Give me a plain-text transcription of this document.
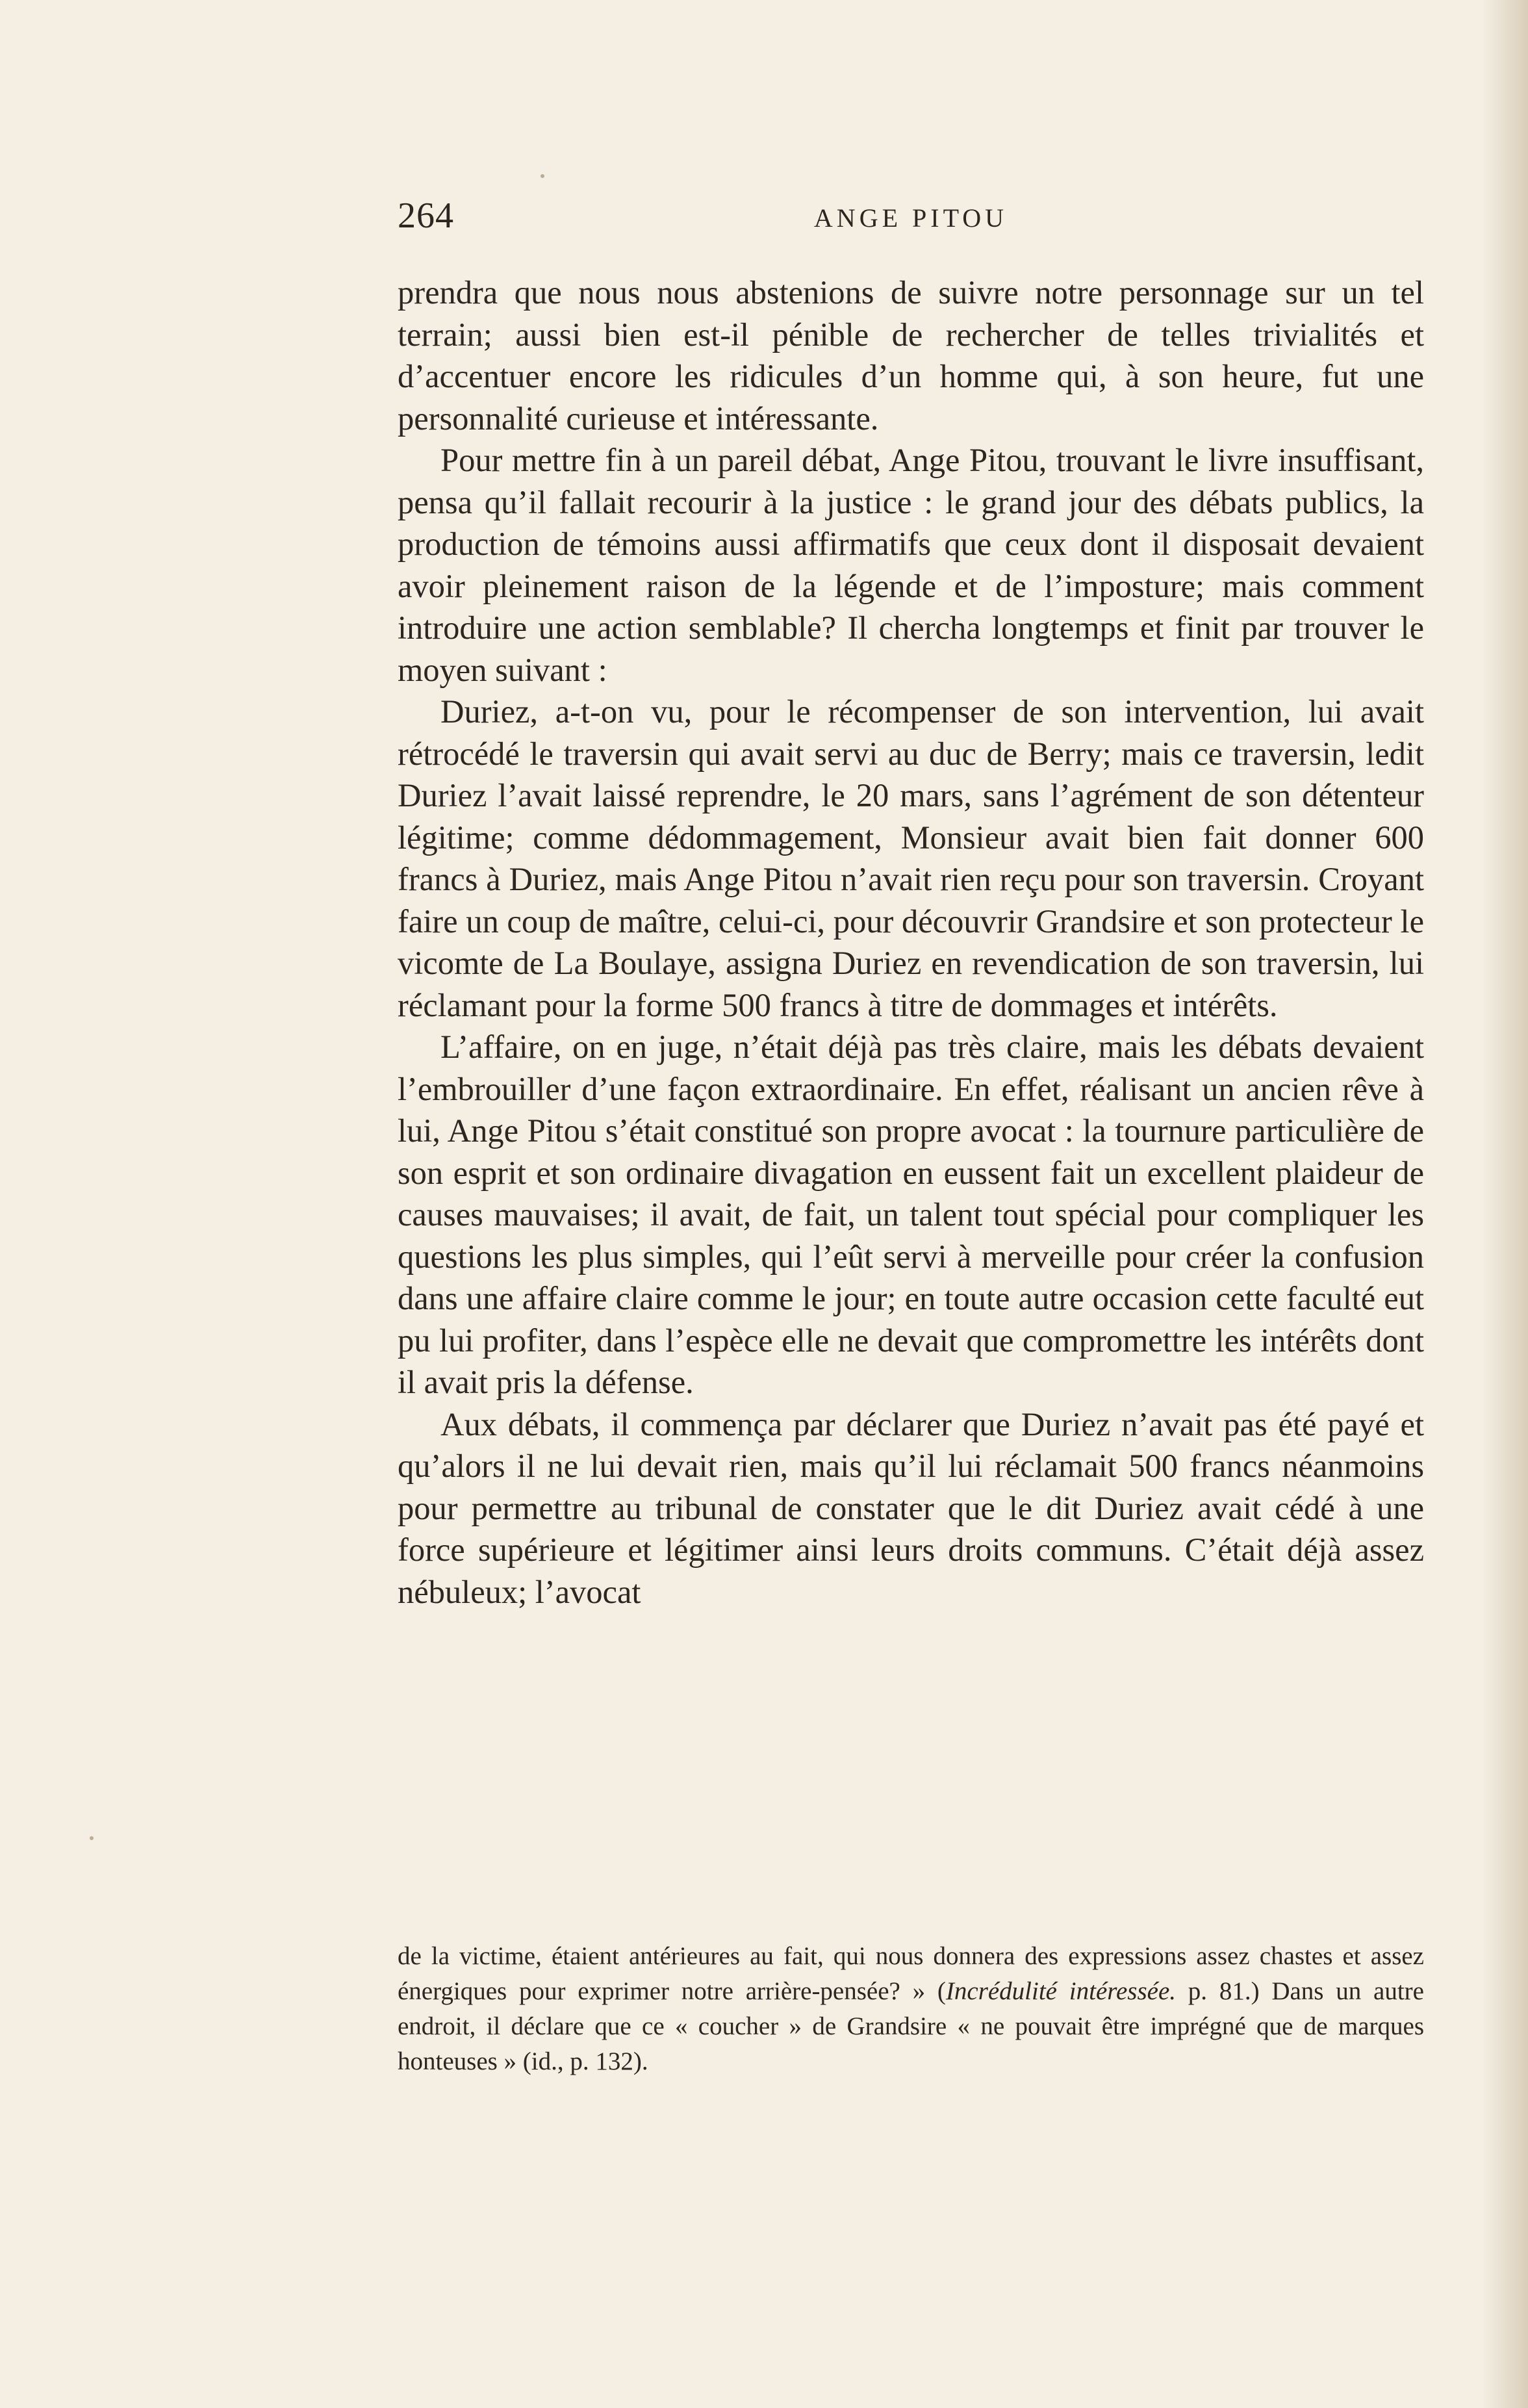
264	ANGE PITOU

prendra que nous nous abstenions de suivre notre personnage sur un tel terrain; aussi bien est-il pénible de rechercher de telles trivialités et d’accentuer encore les ridicules d’un homme qui, à son heure, fut une personnalité curieuse et intéressante.

Pour mettre fin à un pareil débat, Ange Pitou, trouvant le livre insuffisant, pensa qu’il fallait recourir à la justice : le grand jour des débats publics, la production de témoins aussi affirmatifs que ceux dont il disposait devaient avoir pleinement raison de la légende et de l’imposture; mais comment introduire une action semblable? Il chercha longtemps et finit par trouver le moyen suivant :

Duriez, a-t-on vu, pour le récompenser de son intervention, lui avait rétrocédé le traversin qui avait servi au duc de Berry; mais ce traversin, ledit Duriez l’avait laissé reprendre, le 20 mars, sans l’agrément de son détenteur légitime; comme dédommagement, Monsieur avait bien fait donner 600 francs à Duriez, mais Ange Pitou n’avait rien reçu pour son traversin. Croyant faire un coup de maître, celui-ci, pour découvrir Grandsire et son protecteur le vicomte de La Boulaye, assigna Duriez en revendication de son traversin, lui réclamant pour la forme 500 francs à titre de dommages et intérêts.

L’affaire, on en juge, n’était déjà pas très claire, mais les débats devaient l’embrouiller d’une façon extraordinaire. En effet, réalisant un ancien rêve à lui, Ange Pitou s’était constitué son propre avocat : la tournure particulière de son esprit et son ordinaire divagation en eussent fait un excellent plaideur de causes mauvaises; il avait, de fait, un talent tout spécial pour compliquer les questions les plus simples, qui l’eût servi à merveille pour créer la confusion dans une affaire claire comme le jour; en toute autre occasion cette faculté eut pu lui profiter, dans l’espèce elle ne devait que compromettre les intérêts dont il avait pris la défense.

Aux débats, il commença par déclarer que Duriez n’avait pas été payé et qu’alors il ne lui devait rien, mais qu’il lui réclamait 500 francs néanmoins pour permettre au tribunal de constater que le dit Duriez avait cédé à une force supérieure et légitimer ainsi leurs droits communs. C’était déjà assez nébuleux; l’avocat

de la victime, étaient antérieures au fait, qui nous donnera des expressions assez chastes et assez énergiques pour exprimer notre arrière-pensée? » (Incrédulité intéressée. p. 81.) Dans un autre endroit, il déclare que ce « coucher » de Grandsire « ne pouvait être imprégné que de marques honteuses » (id., p. 132).
